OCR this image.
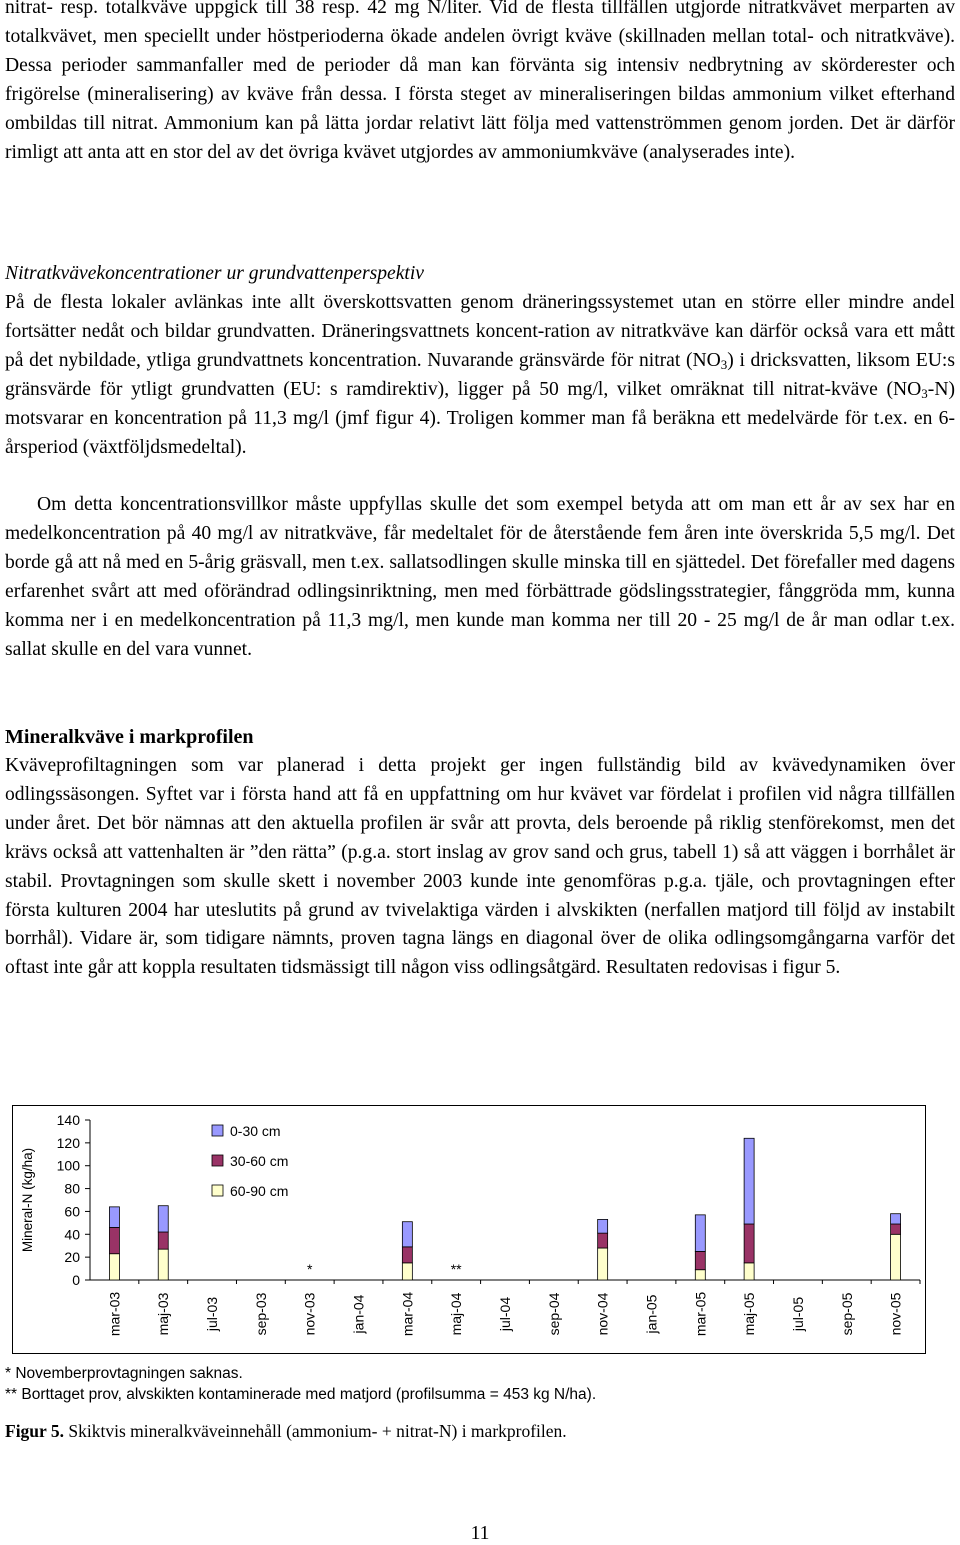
nitrat- resp. totalkväve uppgick till 38 resp. 42 mg N/liter. Vid de flesta tillfällen utgjorde nitratkvävet merparten av totalkvävet, men speciellt under höstperioderna ökade andelen övrigt kväve (skillnaden mellan total- och nitratkväve). Dessa perioder sammanfaller med de perioder då man kan förvänta sig intensiv nedbrytning av skörderester och frigörelse (mineralisering) av kväve från dessa. I första steget av mineraliseringen bildas ammonium vilket efterhand ombildas till nitrat. Ammonium kan på lätta jordar relativt lätt följa med vattenströmmen genom jorden. Det är därför rimligt att anta att en stor del av det övriga kvävet utgjordes av ammoniumkväve (analyserades inte).

Nitratkvävekoncentrationer ur grundvattenperspektiv

På de flesta lokaler avlänkas inte allt överskottsvatten genom dräneringssystemet utan en större eller mindre andel fortsätter nedåt och bildar grundvatten. Dräneringsvattnets koncent-ration av nitratkväve kan därför också vara ett mått på det nybildade, ytliga grundvattnets koncentration. Nuvarande gränsvärde för nitrat $(NO_3)$ i dricksvatten, liksom EU:s gränsvärde för ytligt grundvatten (EU: s ramdirektiv), ligger på 50 mg/l, vilket omräknat till nitrat-kväve $(NO_3-N)$ motsvarar en koncentration på 11,3 mg/l (jmf figur 4). Troligen kommer man få beräkna ett medelvärde för t.ex. en 6-årsperiod (växtföljdsmedeltal).

Om detta koncentrationsvillkor måste uppfyllas skulle det som exempel betyda att om man ett år av sex har en medelkoncentration på 40 mg/l av nitratkväve, får medeltalet för de återstående fem åren inte överskrida 5,5 mg/l. Det borde gå att nå med en 5-årig gräsvall, men t.ex. sallatsodlingen skulle minska till en sjättedel. Det förefaller med dagens erfarenhet svårt att med oförändrad odlingsinriktning, men med förbättrade gödslingsstrategier, fånggröda mm, kunna komma ner i en medelkoncentration på 11,3 mg/l, men kunde man komma ner till 20 - 25 mg/l de år man odlar t.ex. sallat skulle en del vara vunnet.

Mineralkväve i markprofilen

Kväveprofiltagningen som var planerad i detta projekt ger ingen fullständig bild av kvävedynamiken över odlingssäsongen. Syftet var i första hand att få en uppfattning om hur kvävet var fördelat i profilen vid några tillfällen under året. Det bör nämnas att den aktuella profilen är svår att provta, dels beroende på riklig stenförekomst, men det krävs också att vattenhalten är ”den rätta” (p.g.a. stort inslag av grov sand och grus, tabell 1) så att väggen i borrhålet är stabil. Provtagningen som skulle skett i november 2003 kunde inte genomföras p.g.a. tjäle, och provtagningen efter första kulturen 2004 har uteslutits på grund av tvivelaktiga värden i alvskikten (nerfallen matjord till följd av instabilt borrhål). Vidare är, som tidigare nämnts, proven tagna längs en diagonal över de olika odlingsomgångarna varför det oftast inte går att koppla resultaten tidsmässigt till någon viss odlingsåtgärd. Resultaten redovisas i figur 5.

Mineral-N (kg/ha)
0
20
40
60
80
100
120
140
mar-03 maj-03 jul-03 sep-03 nov-03 jan-04 mar-04 maj-04 jul-04 sep-04 nov-04 jan-05 mar-05 maj-05 jul-05 sep-05 nov-05
*	**
0-30 cm
30-60 cm
60-90 cm
* Novemberprovtagningen saknas.
** Borttaget prov, alvskikten kontaminerade med matjord (profilsumma = 453 kg N/ha).
Figur 5. Skiktvis mineralkväveinnehåll (ammonium- + nitrat-N) i markprofilen.
11
